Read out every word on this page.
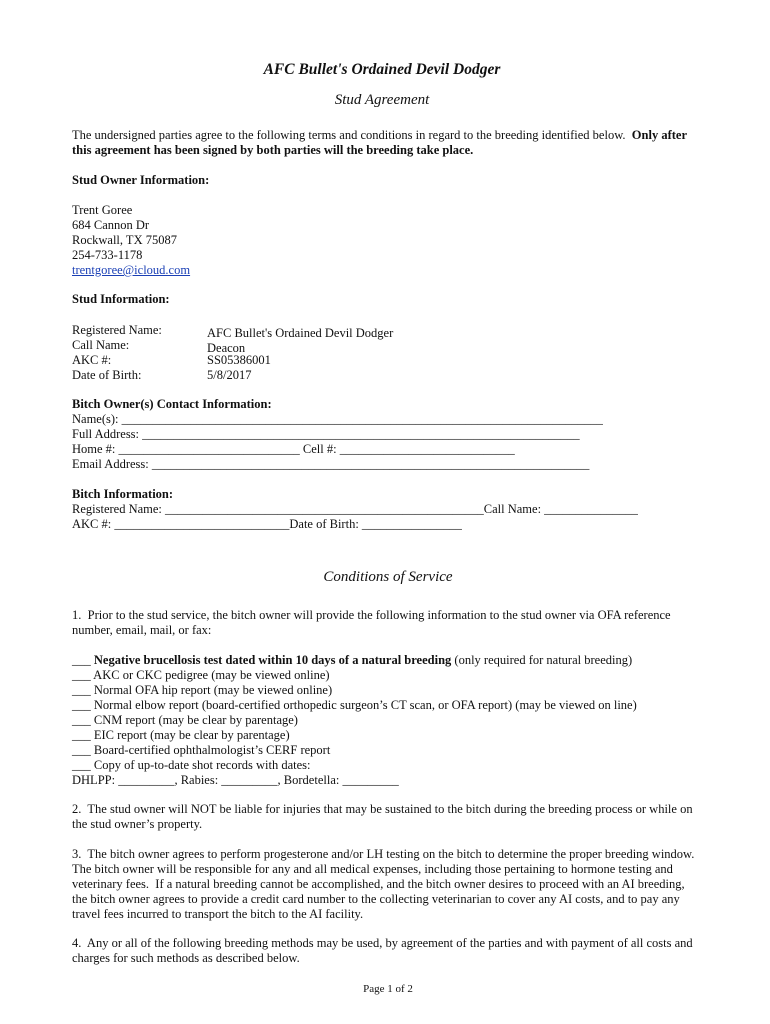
AFC Bullet's Ordained Devil Dodger
Stud Agreement
The undersigned parties agree to the following terms and conditions in regard to the breeding identified below.  Only after
this agreement has been signed by both parties will the breeding take place.
Stud Owner Information:
Trent Goree
684 Cannon Dr
Rockwall, TX 75087
254-733-1178
trentgoree@icloud.com
Stud Information:
Registered Name:	AFC Bullet's Ordained Devil Dodger
Call Name:	Deacon
AKC #:	SS05386001
Date of Birth:	5/8/2017
Bitch Owner(s) Contact Information:
Name(s): _____________________________________________________________________________
Full Address: ______________________________________________________________________
Home #: _____________________________ Cell #: ____________________________
Email Address: ______________________________________________________________________
Bitch Information:
Registered Name: ___________________________________________________Call Name: _______________
AKC #: ____________________________Date of Birth: ________________
Conditions of Service
1.  Prior to the stud service, the bitch owner will provide the following information to the stud owner via OFA reference
number, email, mail, or fax:
___ Negative brucellosis test dated within 10 days of a natural breeding (only required for natural breeding)
___ AKC or CKC pedigree (may be viewed online)
___ Normal OFA hip report (may be viewed online)
___ Normal elbow report (board-certified orthopedic surgeon’s CT scan, or OFA report) (may be viewed on line)
___ CNM report (may be clear by parentage)
___ EIC report (may be clear by parentage)
___ Board-certified ophthalmologist’s CERF report
___ Copy of up-to-date shot records with dates:
DHLPP: _________, Rabies: _________, Bordetella: _________
2.  The stud owner will NOT be liable for injuries that may be sustained to the bitch during the breeding process or while on
the stud owner’s property.
3.  The bitch owner agrees to perform progesterone and/or LH testing on the bitch to determine the proper breeding window.
The bitch owner will be responsible for any and all medical expenses, including those pertaining to hormone testing and
veterinary fees.  If a natural breeding cannot be accomplished, and the bitch owner desires to proceed with an AI breeding,
the bitch owner agrees to provide a credit card number to the collecting veterinarian to cover any AI costs, and to pay any
travel fees incurred to transport the bitch to the AI facility.
4.  Any or all of the following breeding methods may be used, by agreement of the parties and with payment of all costs and
charges for such methods as described below.
Page 1 of 2
